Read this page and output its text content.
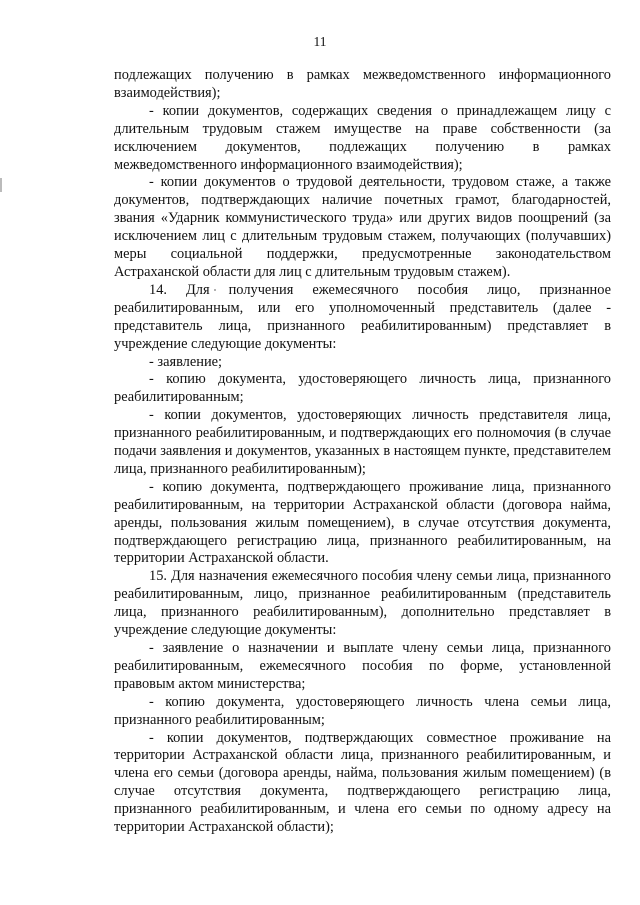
11

подлежащих получению в рамках межведомственного информационного взаимодействия);

- копии документов, содержащих сведения о принадлежащем лицу с длительным трудовым стажем имуществе на праве собственности (за исключением документов, подлежащих получению в рамках межведомственного информационного взаимодействия);

- копии документов о трудовой деятельности, трудовом стаже, а также документов, подтверждающих наличие почетных грамот, благодарностей, звания «Ударник коммунистического труда» или других видов поощрений (за исключением лиц с длительным трудовым стажем, получающих (получавших) меры социальной поддержки, предусмотренные законодательством Астраханской области для лиц с длительным трудовым стажем).

14. Для получения ежемесячного пособия лицо, признанное реабилитированным, или его уполномоченный представитель (далее - представитель лица, признанного реабилитированным) представляет в учреждение следующие документы:

- заявление;

- копию документа, удостоверяющего личность лица, признанного реабилитированным;

- копии документов, удостоверяющих личность представителя лица, признанного реабилитированным, и подтверждающих его полномочия (в случае подачи заявления и документов, указанных в настоящем пункте, представителем лица, признанного реабилитированным);

- копию документа, подтверждающего проживание лица, признанного реабилитированным, на территории Астраханской области (договора найма, аренды, пользования жилым помещением), в случае отсутствия документа, подтверждающего регистрацию лица, признанного реабилитированным, на территории Астраханской области.

15. Для назначения ежемесячного пособия члену семьи лица, признанного реабилитированным, лицо, признанное реабилитированным (представитель лица, признанного реабилитированным), дополнительно представляет в учреждение следующие документы:

- заявление о назначении и выплате члену семьи лица, признанного реабилитированным, ежемесячного пособия по форме, установленной правовым актом министерства;

- копию документа, удостоверяющего личность члена семьи лица, признанного реабилитированным;

- копии документов, подтверждающих совместное проживание на территории Астраханской области лица, признанного реабилитированным, и члена его семьи (договора аренды, найма, пользования жилым помещением) (в случае отсутствия документа, подтверждающего регистрацию лица, признанного реабилитированным, и члена его семьи по одному адресу на территории Астраханской области);
